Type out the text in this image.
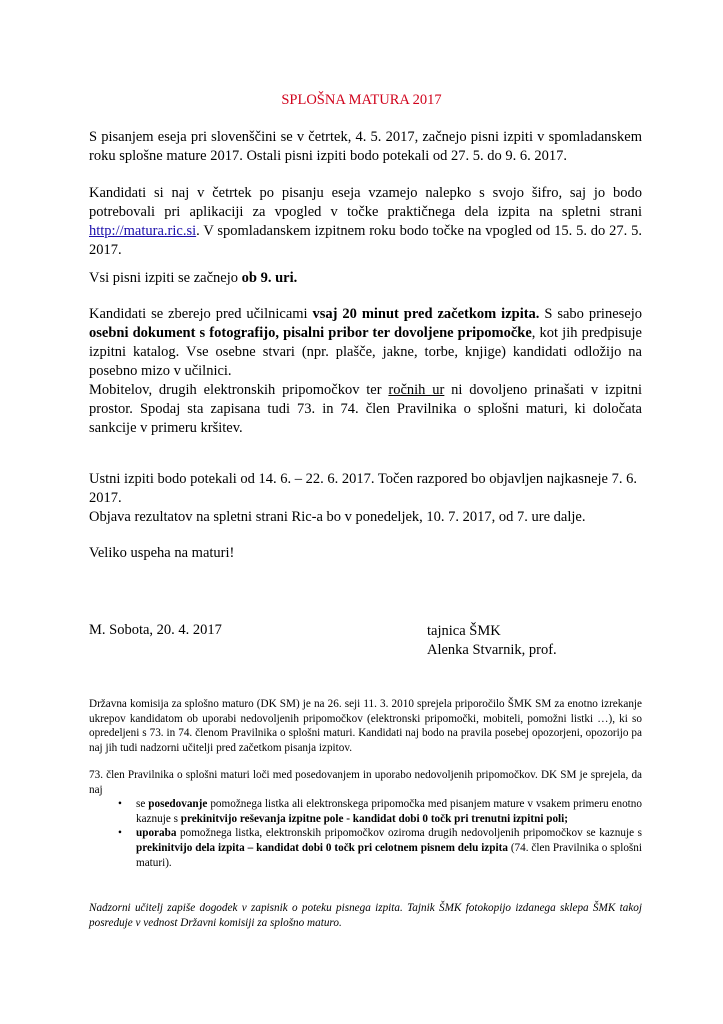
SPLOŠNA MATURA 2017

S pisanjem eseja pri slovenščini se v četrtek, 4. 5. 2017, začnejo pisni izpiti v spomladanskem roku splošne mature 2017. Ostali pisni izpiti bodo potekali od 27. 5. do 9. 6. 2017.

Kandidati si naj v četrtek po pisanju eseja vzamejo nalepko s svojo šifro, saj jo bodo potrebovali pri aplikaciji za vpogled v točke praktičnega dela izpita na spletni strani http://matura.ric.si. V spomladanskem izpitnem roku bodo točke na vpogled od 15. 5. do 27. 5. 2017.

Vsi pisni izpiti se začnejo ob 9. uri.

Kandidati se zberejo pred učilnicami vsaj 20 minut pred začetkom izpita. S sabo prinesejo osebni dokument s fotografijo, pisalni pribor ter dovoljene pripomočke, kot jih predpisuje izpitni katalog. Vse osebne stvari (npr. plašče, jakne, torbe, knjige) kandidati odložijo na posebno mizo v učilnici.

Mobitelov, drugih elektronskih pripomočkov ter ročnih ur ni dovoljeno prinašati v izpitni prostor. Spodaj sta zapisana tudi 73. in 74. člen Pravilnika o splošni maturi, ki določata sankcije v primeru kršitev.

Ustni izpiti bodo potekali od 14. 6. – 22. 6. 2017. Točen razpored bo objavljen najkasneje 7. 6. 2017.

Objava rezultatov na spletni strani Ric-a bo v ponedeljek, 10. 7. 2017, od 7. ure dalje.

Veliko uspeha na maturi!

M. Sobota, 20. 4. 2017	tajnica ŠMK
Alenka Stvarnik, prof.

Državna komisija za splošno maturo (DK SM) je na 26. seji 11. 3. 2010 sprejela priporočilo ŠMK SM za enotno izrekanje ukrepov kandidatom ob uporabi nedovoljenih pripomočkov (elektronski pripomočki, mobiteli, pomožni listki …), ki so opredeljeni s 73. in 74. členom Pravilnika o splošni maturi. Kandidati naj bodo na pravila posebej opozorjeni, opozorijo pa naj jih tudi nadzorni učitelji pred začetkom pisanja izpitov.

73. člen Pravilnika o splošni maturi loči med posedovanjem in uporabo nedovoljenih pripomočkov. DK SM je sprejela, da naj

• se posedovanje pomožnega listka ali elektronskega pripomočka med pisanjem mature v vsakem primeru enotno kaznuje s prekinitvijo reševanja izpitne pole - kandidat dobi 0 točk pri trenutni izpitni poli;
• uporaba pomožnega listka, elektronskih pripomočkov oziroma drugih nedovoljenih pripomočkov se kaznuje s prekinitvijo dela izpita – kandidat dobi 0 točk pri celotnem pisnem delu izpita (74. člen Pravilnika o splošni maturi).

Nadzorni učitelj zapiše dogodek v zapisnik o poteku pisnega izpita. Tajnik ŠMK fotokopijo izdanega sklepa ŠMK takoj posreduje v vednost Državni komisiji za splošno maturo.
